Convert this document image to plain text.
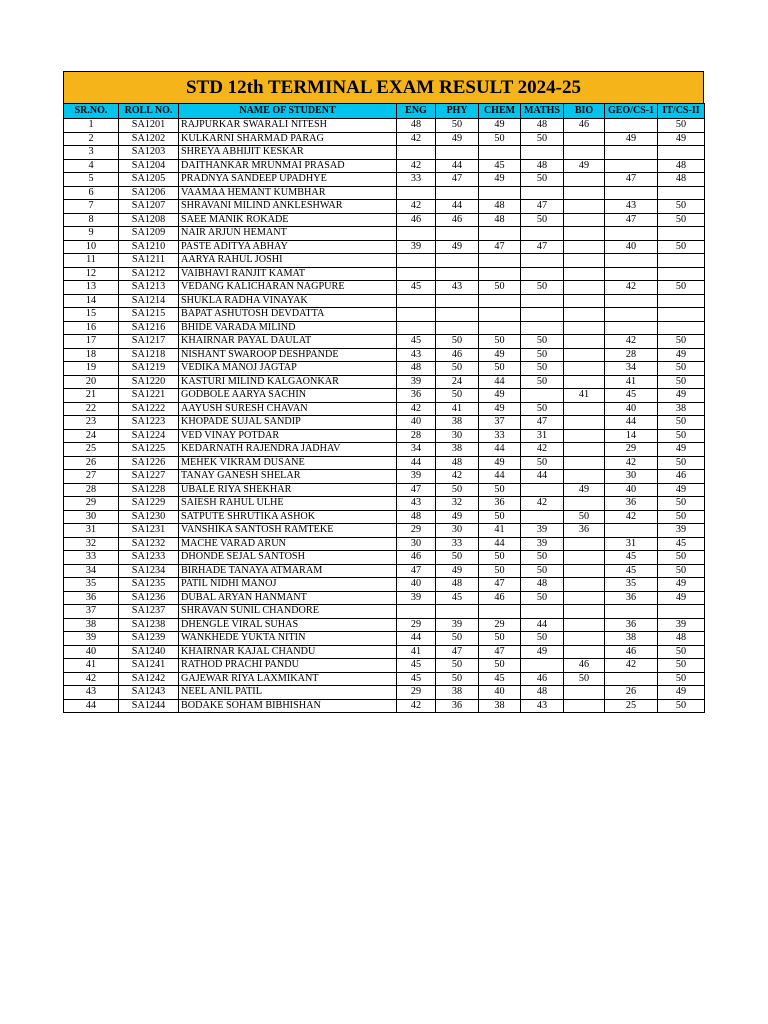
STD 12th TERMINAL EXAM RESULT 2024-25
SR.NO.	ROLL NO.	NAME OF STUDENT	ENG	PHY	CHEM	MATHS	BIO	GEO/CS-1	IT/CS-II
1	SA1201	RAJPURKAR SWARALI NITESH	48	50	49	48	46		50
2	SA1202	KULKARNI SHARMAD PARAG	42	49	50	50		49	49
3	SA1203	SHREYA ABHIJIT KESKAR							
4	SA1204	DAITHANKAR MRUNMAI PRASAD	42	44	45	48	49		48
5	SA1205	PRADNYA SANDEEP UPADHYE	33	47	49	50		47	48
6	SA1206	VAAMAA HEMANT KUMBHAR							
7	SA1207	SHRAVANI MILIND ANKLESHWAR	42	44	48	47		43	50
8	SA1208	SAEE MANIK ROKADE	46	46	48	50		47	50
9	SA1209	NAIR ARJUN HEMANT							
10	SA1210	PASTE ADITYA ABHAY	39	49	47	47		40	50
11	SA1211	AARYA RAHUL JOSHI							
12	SA1212	VAIBHAVI RANJIT KAMAT							
13	SA1213	VEDANG KALICHARAN NAGPURE	45	43	50	50		42	50
14	SA1214	SHUKLA RADHA VINAYAK							
15	SA1215	BAPAT ASHUTOSH DEVDATTA							
16	SA1216	BHIDE VARADA MILIND							
17	SA1217	KHAIRNAR PAYAL DAULAT	45	50	50	50		42	50
18	SA1218	NISHANT SWAROOP DESHPANDE	43	46	49	50		28	49
19	SA1219	VEDIKA MANOJ JAGTAP	48	50	50	50		34	50
20	SA1220	KASTURI MILIND KALGAONKAR	39	24	44	50		41	50
21	SA1221	GODBOLE AARYA SACHIN	36	50	49		41	45	49
22	SA1222	AAYUSH SURESH CHAVAN	42	41	49	50		40	38
23	SA1223	KHOPADE SUJAL SANDIP	40	38	37	47		44	50
24	SA1224	VED VINAY POTDAR	28	30	33	31		14	50
25	SA1225	KEDARNATH RAJENDRA JADHAV	34	38	44	42		29	49
26	SA1226	MEHEK VIKRAM DUSANE	44	48	49	50		42	50
27	SA1227	TANAY GANESH SHELAR	39	42	44	44		30	46
28	SA1228	UBALE RIYA SHEKHAR	47	50	50		49	40	49
29	SA1229	SAIESH RAHUL ULHE	43	32	36	42		36	50
30	SA1230	SATPUTE SHRUTIKA ASHOK	48	49	50		50	42	50
31	SA1231	VANSHIKA SANTOSH RAMTEKE	29	30	41	39	36		39
32	SA1232	MACHE VARAD ARUN	30	33	44	39		31	45
33	SA1233	DHONDE SEJAL SANTOSH	46	50	50	50		45	50
34	SA1234	BIRHADE TANAYA ATMARAM	47	49	50	50		45	50
35	SA1235	PATIL NIDHI MANOJ	40	48	47	48		35	49
36	SA1236	DUBAL ARYAN HANMANT	39	45	46	50		36	49
37	SA1237	SHRAVAN SUNIL CHANDORE							
38	SA1238	DHENGLE VIRAL SUHAS	29	39	29	44		36	39
39	SA1239	WANKHEDE YUKTA NITIN	44	50	50	50		38	48
40	SA1240	KHAIRNAR KAJAL CHANDU	41	47	47	49		46	50
41	SA1241	RATHOD PRACHI PANDU	45	50	50		46	42	50
42	SA1242	GAJEWAR RIYA LAXMIKANT	45	50	45	46	50		50
43	SA1243	NEEL ANIL PATIL	29	38	40	48		26	49
44	SA1244	BODAKE SOHAM BIBHISHAN	42	36	38	43		25	50
